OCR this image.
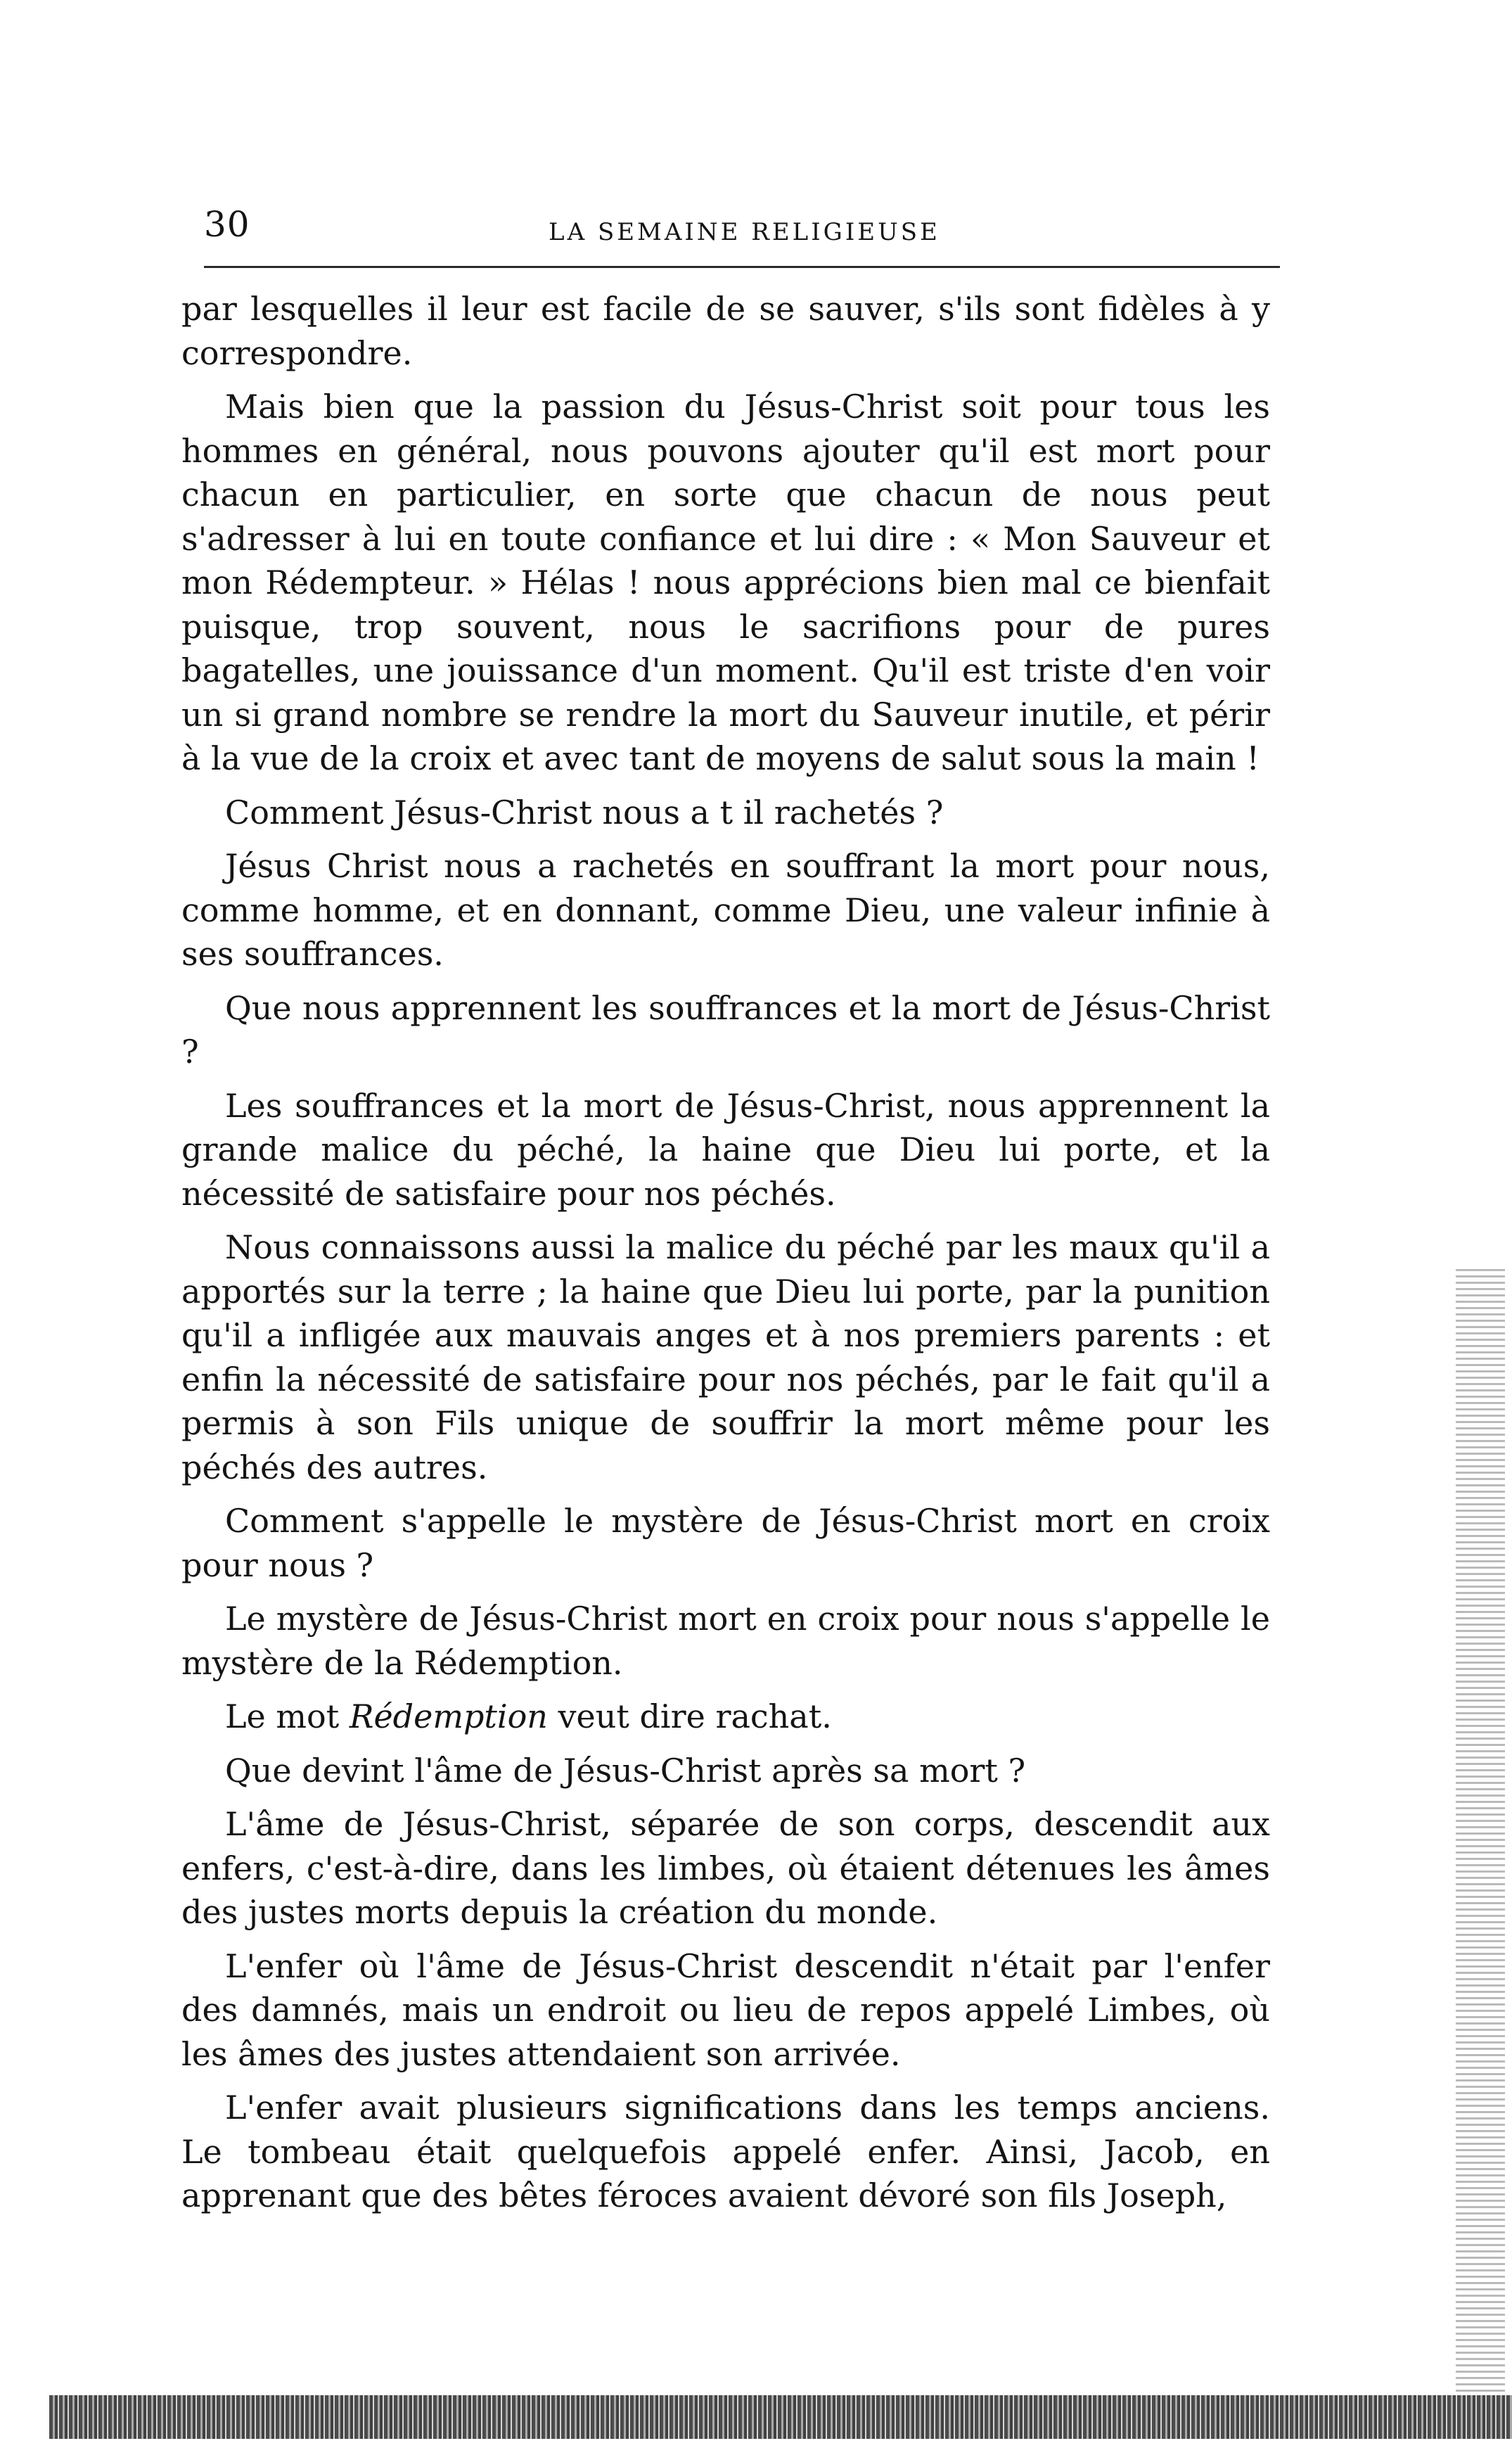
30	LA SEMAINE RELIGIEUSE

par lesquelles il leur est facile de se sauver, s'ils sont fidèles à y correspondre.

Mais bien que la passion du Jésus-Christ soit pour tous les hommes en général, nous pouvons ajouter qu'il est mort pour chacun en particulier, en sorte que chacun de nous peut s'adresser à lui en toute confiance et lui dire : « Mon Sauveur et mon Rédempteur. » Hélas ! nous apprécions bien mal ce bienfait puisque, trop souvent, nous le sacrifions pour de pures bagatelles, une jouissance d'un moment. Qu'il est triste d'en voir un si grand nombre se rendre la mort du Sauveur inutile, et périr à la vue de la croix et avec tant de moyens de salut sous la main !

Comment Jésus-Christ nous a t il rachetés ?

Jésus Christ nous a rachetés en souffrant la mort pour nous, comme homme, et en donnant, comme Dieu, une valeur infinie à ses souffrances.

Que nous apprennent les souffrances et la mort de Jésus-Christ ?

Les souffrances et la mort de Jésus-Christ, nous apprennent la grande malice du péché, la haine que Dieu lui porte, et la nécessité de satisfaire pour nos péchés.

Nous connaissons aussi la malice du péché par les maux qu'il a apportés sur la terre ; la haine que Dieu lui porte, par la punition qu'il a infligée aux mauvais anges et à nos premiers parents : et enfin la nécessité de satisfaire pour nos péchés, par le fait qu'il a permis à son Fils unique de souffrir la mort même pour les péchés des autres.

Comment s'appelle le mystère de Jésus-Christ mort en croix pour nous ?

Le mystère de Jésus-Christ mort en croix pour nous s'appelle le mystère de la Rédemption.

Le mot Rédemption veut dire rachat.

Que devint l'âme de Jésus-Christ après sa mort ?

L'âme de Jésus-Christ, séparée de son corps, descendit aux enfers, c'est-à-dire, dans les limbes, où étaient détenues les âmes des justes morts depuis la création du monde.

L'enfer où l'âme de Jésus-Christ descendit n'était par l'enfer des damnés, mais un endroit ou lieu de repos appelé Limbes, où les âmes des justes attendaient son arrivée.

L'enfer avait plusieurs significations dans les temps anciens. Le tombeau était quelquefois appelé enfer. Ainsi, Jacob, en apprenant que des bêtes féroces avaient dévoré son fils Joseph,
